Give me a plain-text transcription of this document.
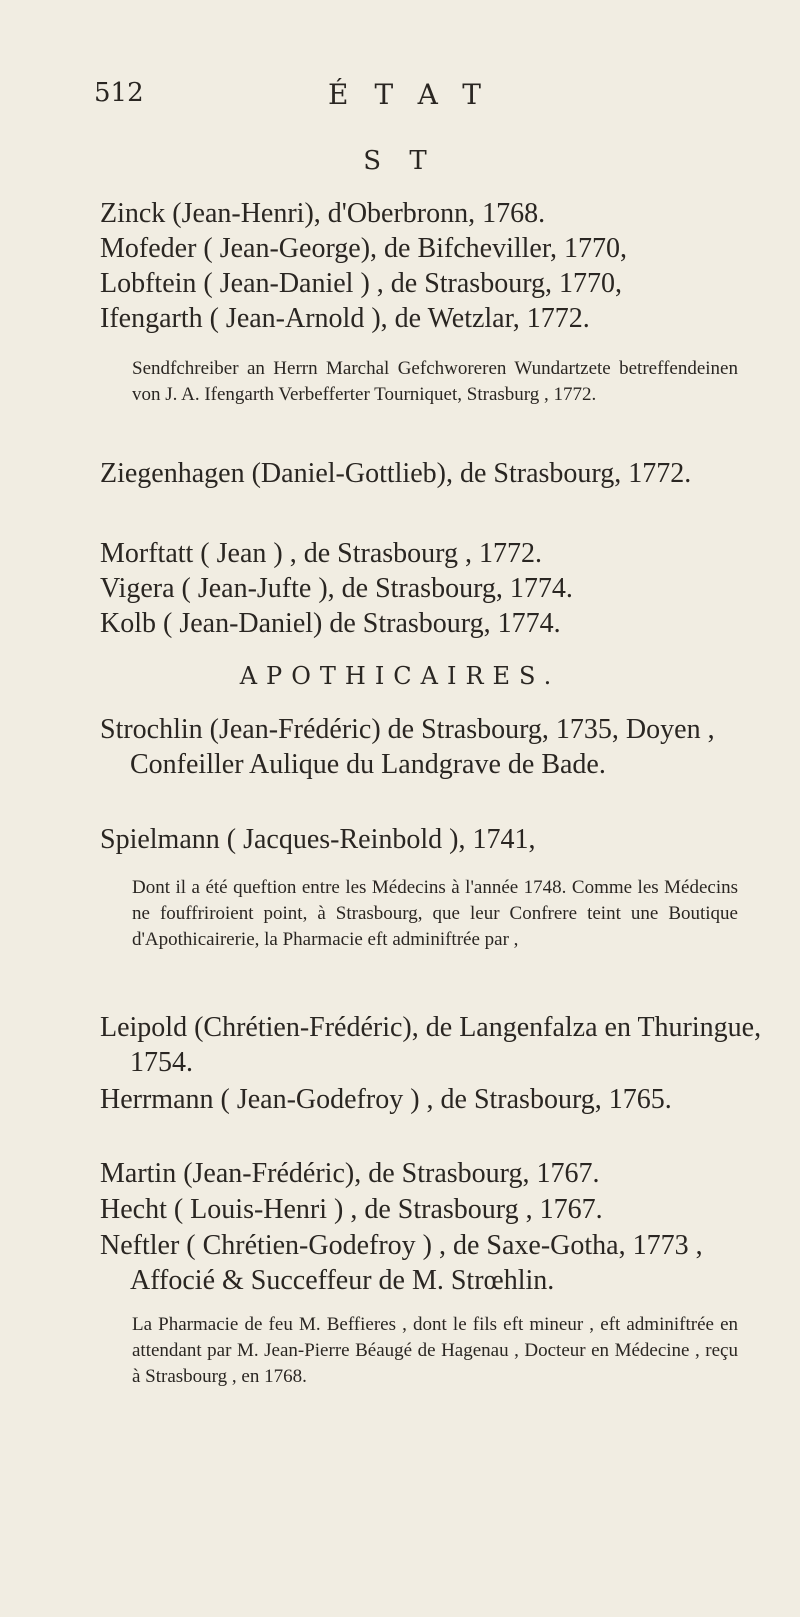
512	ÉTAT
S T
Zinck (Jean-Henri), d'Oberbronn, 1768.
Mofeder ( Jean-George), de Bifcheviller, 1770,
Lobftein ( Jean-Daniel ) , de Strasbourg, 1770,
Ifengarth ( Jean-Arnold ), de Wetzlar, 1772.
Sendfchreiber an Herrn Marchal Gefchworeren Wundartzete betreffendeinen von J. A. Ifengarth Verbefferter Tourniquet, Strasburg , 1772.
Ziegenhagen (Daniel-Gottlieb), de Strasbourg, 1772.
Morftatt ( Jean ) , de Strasbourg , 1772.
Vigera ( Jean-Jufte ), de Strasbourg, 1774.
Kolb ( Jean-Daniel) de Strasbourg, 1774.
APOTHICAIRES.
Strochlin (Jean-Frédéric) de Strasbourg, 1735, Doyen , Confeiller Aulique du Landgrave de Bade.
Spielmann ( Jacques-Reinbold ), 1741,
Dont il a été queftion entre les Médecins à l'année 1748. Comme les Médecins ne fouffriroient point, à Strasbourg, que leur Confrere teint une Boutique d'Apothicairerie, la Pharmacie eft adminiftrée par ,
Leipold (Chrétien-Frédéric), de Langenfalza en Thuringue, 1754.
Herrmann ( Jean-Godefroy ) , de Strasbourg, 1765.
Martin (Jean-Frédéric), de Strasbourg, 1767.
Hecht ( Louis-Henri ) , de Strasbourg , 1767.
Neftler ( Chrétien-Godefroy ) , de Saxe-Gotha, 1773 , Affocié & Succeffeur de M. Strœhlin.
La Pharmacie de feu M. Beffieres , dont le fils eft mineur , eft adminiftrée en attendant par M. Jean-Pierre Béaugé de Hagenau , Docteur en Médecine , reçu à Strasbourg , en 1768.
